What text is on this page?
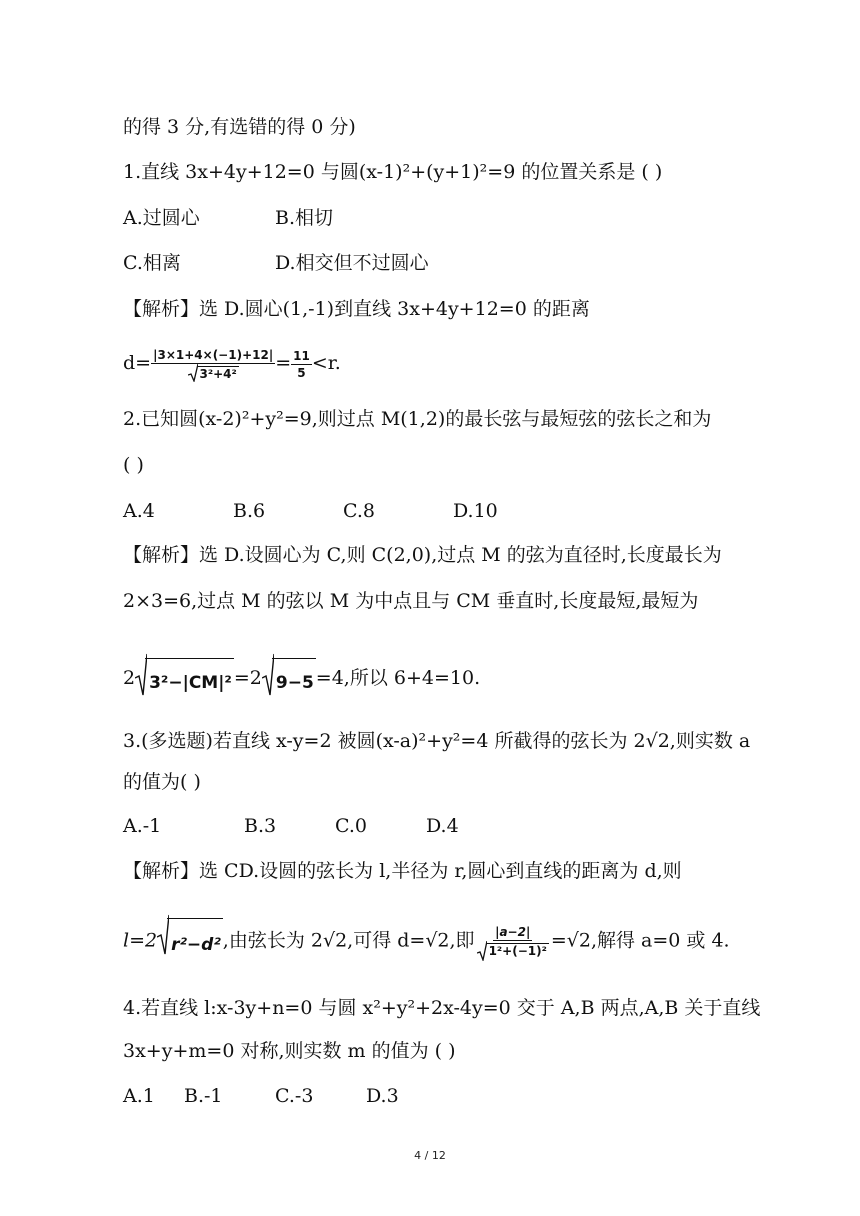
的得 3 分,有选错的得 0 分)
1.直线 3x+4y+12=0 与圆(x-1)²+(y+1)²=9 的位置关系是 ( )
A.过圆心	B.相切
C.相离	D.相交但不过圆心
【解析】选 D.圆心(1,-1)到直线 3x+4y+12=0 的距离
$d= \frac{|3\times 1+4\times(-1)+12|}{\text{3²+4²}} = \frac{11}{5} <r$.
2.已知圆(x-2)²+y²=9,则过点 M(1,2)的最长弦与最短弦的弦长之和为
( )
A.4	B.6	C.8	D.10
【解析】选 D.设圆心为 C,则 C(2,0),过点 M 的弦为直径时,长度最长为
2×3=6,过点 M 的弦以 M 为中点且与 CM 垂直时,长度最短,最短为
2 3²−|CM|² =2 9−5 =4,所以 6+4=10.
3.(多选题)若直线 x-y=2 被圆(x-a)²+y²=4 所截得的弦长为 2√2,则实数 a
的值为( )
A.-1	B.3	C.0	D.4
【解析】选 CD.设圆的弦长为 l,半径为 r,圆心到直线的距离为 d,则
l=2 r²−d² ,由弦长为 2√2,可得 d=√2,即 $\frac{|a-2|}{\text{1²+(−1)²}} =√2$,解得 a=0 或 4.
4.若直线 l:x-3y+n=0 与圆 x²+y²+2x-4y=0 交于 A,B 两点,A,B 关于直线
3x+y+m=0 对称,则实数 m 的值为 ( )
A.1 B.-1	C.-3	D.3
4 / 12
